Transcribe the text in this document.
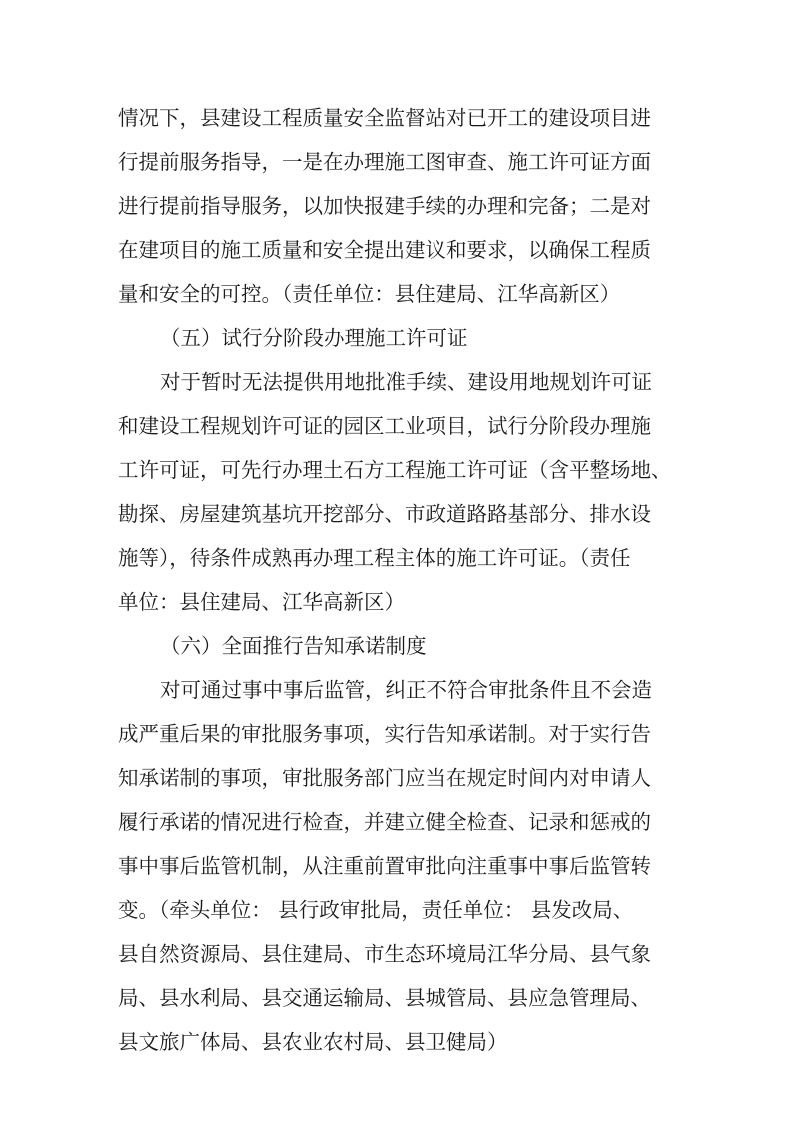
情况下，县建设工程质量安全监督站对已开工的建设项目进
行提前服务指导，一是在办理施工图审查、施工许可证方面
进行提前指导服务，以加快报建手续的办理和完备；二是对
在建项目的施工质量和安全提出建议和要求，以确保工程质
量和安全的可控。（责任单位：县住建局、江华高新区）
（五）试行分阶段办理施工许可证
对于暂时无法提供用地批准手续、建设用地规划许可证
和建设工程规划许可证的园区工业项目，试行分阶段办理施
工许可证，可先行办理土石方工程施工许可证（含平整场地、
勘探、房屋建筑基坑开挖部分、市政道路路基部分、排水设
施等），待条件成熟再办理工程主体的施工许可证。（责任
单位：县住建局、江华高新区）
（六）全面推行告知承诺制度
对可通过事中事后监管，纠正不符合审批条件且不会造
成严重后果的审批服务事项，实行告知承诺制。对于实行告
知承诺制的事项，审批服务部门应当在规定时间内对申请人
履行承诺的情况进行检查，并建立健全检查、记录和惩戒的
事中事后监管机制，从注重前置审批向注重事中事后监管转
变。（牵头单位： 县行政审批局，责任单位： 县发改局、
县自然资源局、县住建局、市生态环境局江华分局、县气象
局、县水利局、县交通运输局、县城管局、县应急管理局、
县文旅广体局、县农业农村局、县卫健局）
